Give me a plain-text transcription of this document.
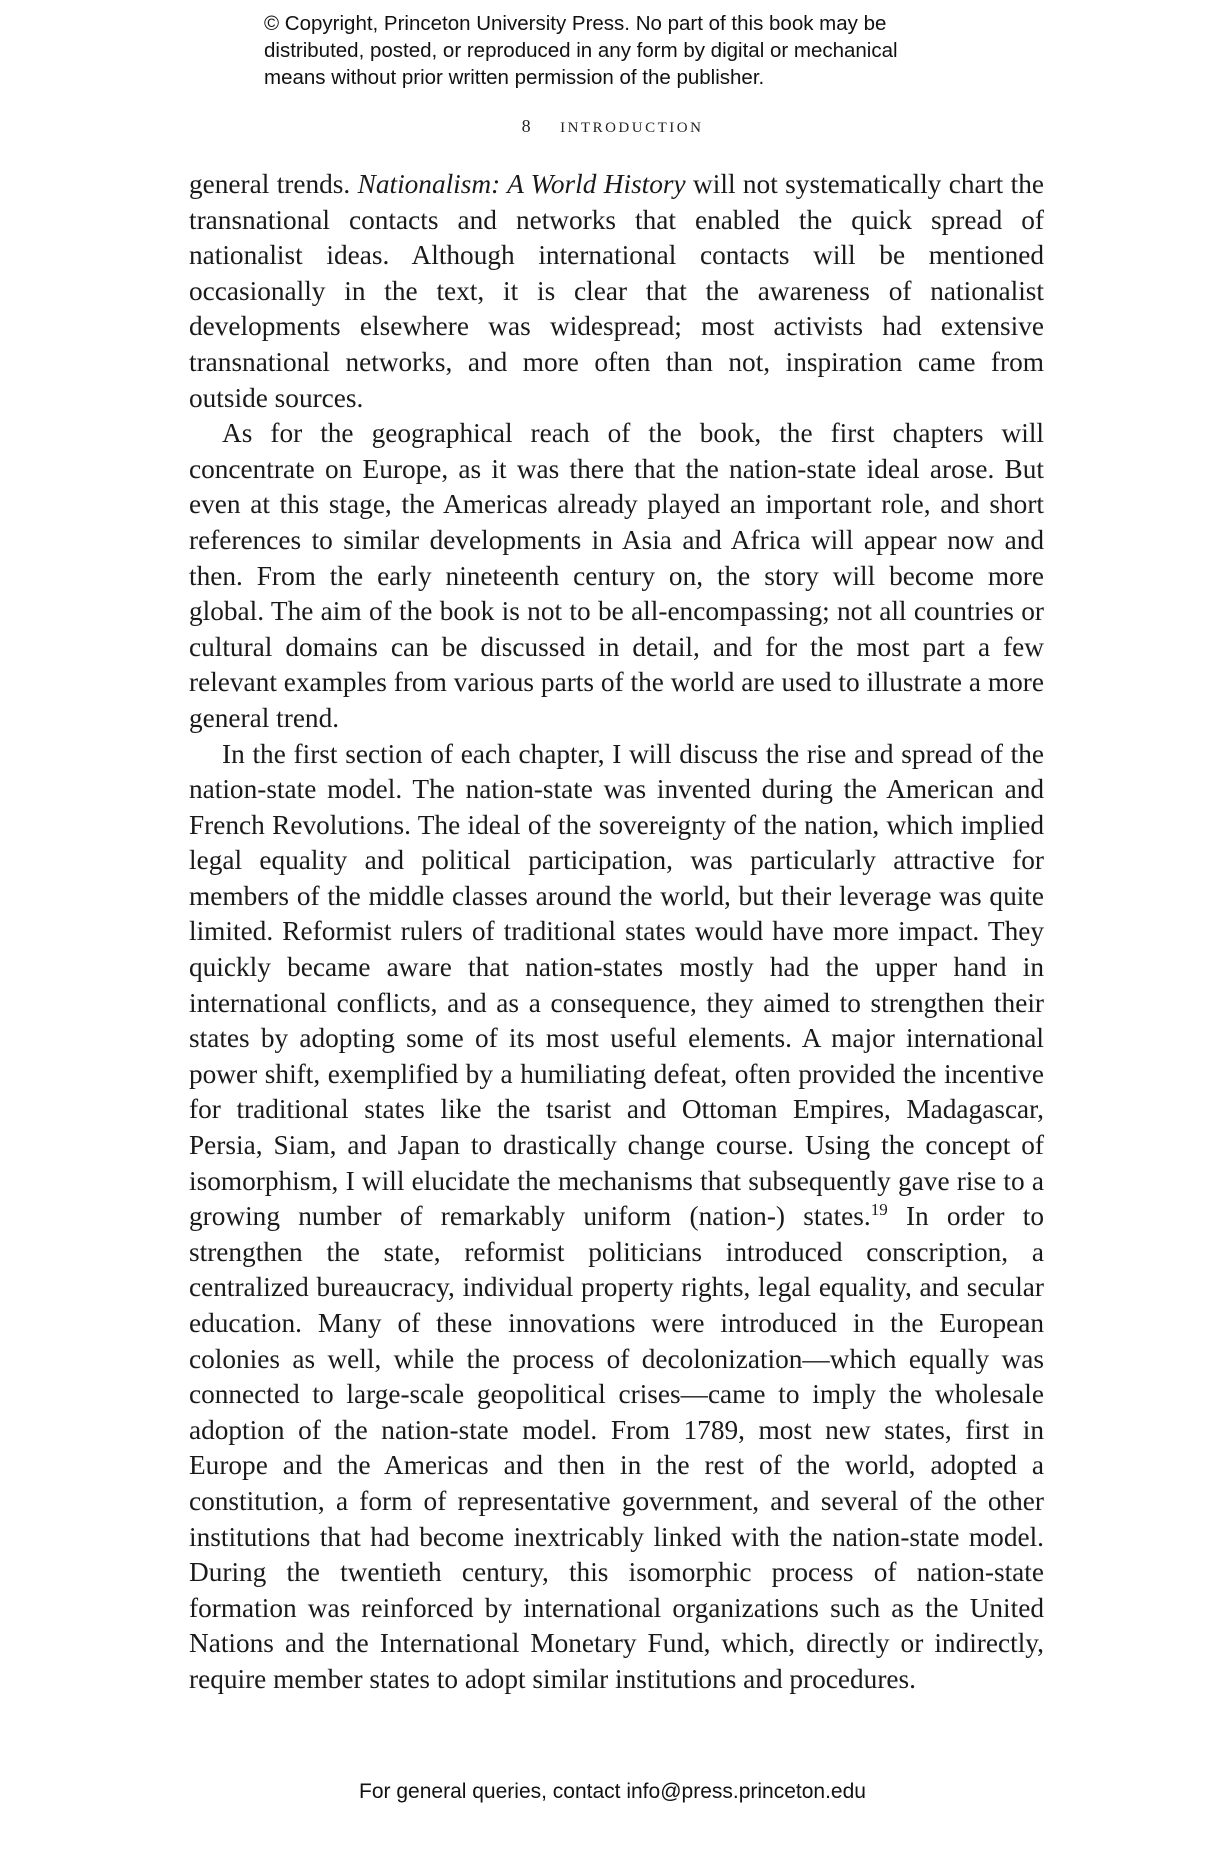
© Copyright, Princeton University Press. No part of this book may be
distributed, posted, or reproduced in any form by digital or mechanical
means without prior written permission of the publisher.
8 introduction

general trends. Nationalism: A World History will not systematically chart the transnational contacts and networks that enabled the quick spread of nationalist ideas. Although international contacts will be mentioned occasionally in the text, it is clear that the awareness of nationalist developments elsewhere was widespread; most activists had extensive transnational networks, and more often than not, inspiration came from outside sources.

As for the geographical reach of the book, the first chapters will concentrate on Europe, as it was there that the nation-state ideal arose. But even at this stage, the Americas already played an important role, and short references to similar developments in Asia and Africa will appear now and then. From the early nineteenth century on, the story will become more global. The aim of the book is not to be all-encompassing; not all countries or cultural domains can be discussed in detail, and for the most part a few relevant examples from various parts of the world are used to illustrate a more general trend.

In the first section of each chapter, I will discuss the rise and spread of the nation-state model. The nation-state was invented during the American and French Revolutions. The ideal of the sovereignty of the nation, which implied legal equality and political participation, was particularly attractive for members of the middle classes around the world, but their leverage was quite limited. Reformist rulers of traditional states would have more impact. They quickly became aware that nation-states mostly had the upper hand in international conflicts, and as a consequence, they aimed to strengthen their states by adopting some of its most useful elements. A major international power shift, exemplified by a humiliating defeat, often provided the incentive for traditional states like the tsarist and Ottoman Empires, Madagascar, Persia, Siam, and Japan to drastically change course. Using the concept of isomorphism, I will elucidate the mechanisms that subsequently gave rise to a growing number of remarkably uniform (nation-) states.$^{19}$ In order to strengthen the state, reformist politicians introduced conscription, a centralized bureaucracy, individual property rights, legal equality, and secular education. Many of these innovations were introduced in the European colonies as well, while the process of decolonization—which equally was connected to large-scale geopolitical crises—came to imply the wholesale adoption of the nation-state model. From 1789, most new states, first in Europe and the Americas and then in the rest of the world, adopted a constitution, a form of representative government, and several of the other institutions that had become inextricably linked with the nation-state model. During the twentieth century, this isomorphic process of nation-state formation was reinforced by international organizations such as the United Nations and the International Monetary Fund, which, directly or indirectly, require member states to adopt similar institutions and procedures.

For general queries, contact info@press.princeton.edu
